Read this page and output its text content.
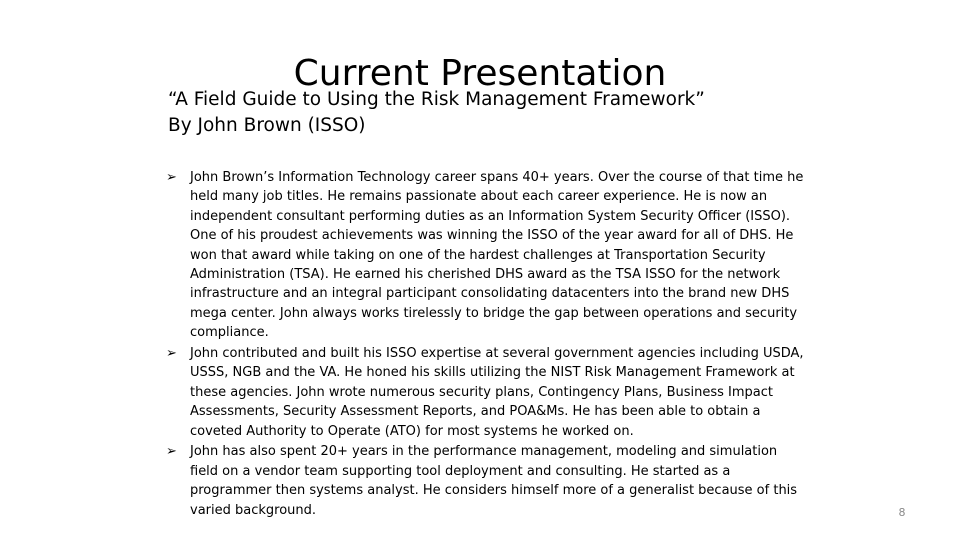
Current Presentation
“A Field Guide to Using the Risk Management Framework”
By John Brown (ISSO)
➢	John Brown’s Information Technology career spans 40+ years. Over the course of that time he held many job titles. He remains passionate about each career experience. He is now an independent consultant performing duties as an Information System Security Officer (ISSO). One of his proudest achievements was winning the ISSO of the year award for all of DHS. He won that award while taking on one of the hardest challenges at Transportation Security Administration (TSA). He earned his cherished DHS award as the TSA ISSO for the network infrastructure and an integral participant consolidating datacenters into the brand new DHS mega center. John always works tirelessly to bridge the gap between operations and security compliance.
➢	John contributed and built his ISSO expertise at several government agencies including USDA, USSS, NGB and the VA. He honed his skills utilizing the NIST Risk Management Framework at these agencies. John wrote numerous security plans, Contingency Plans, Business Impact Assessments, Security Assessment Reports, and POA&Ms. He has been able to obtain a coveted Authority to Operate (ATO) for most systems he worked on.
➢	John has also spent 20+ years in the performance management, modeling and simulation field on a vendor team supporting tool deployment and consulting. He started as a programmer then systems analyst. He considers himself more of a generalist because of this varied background.	8
